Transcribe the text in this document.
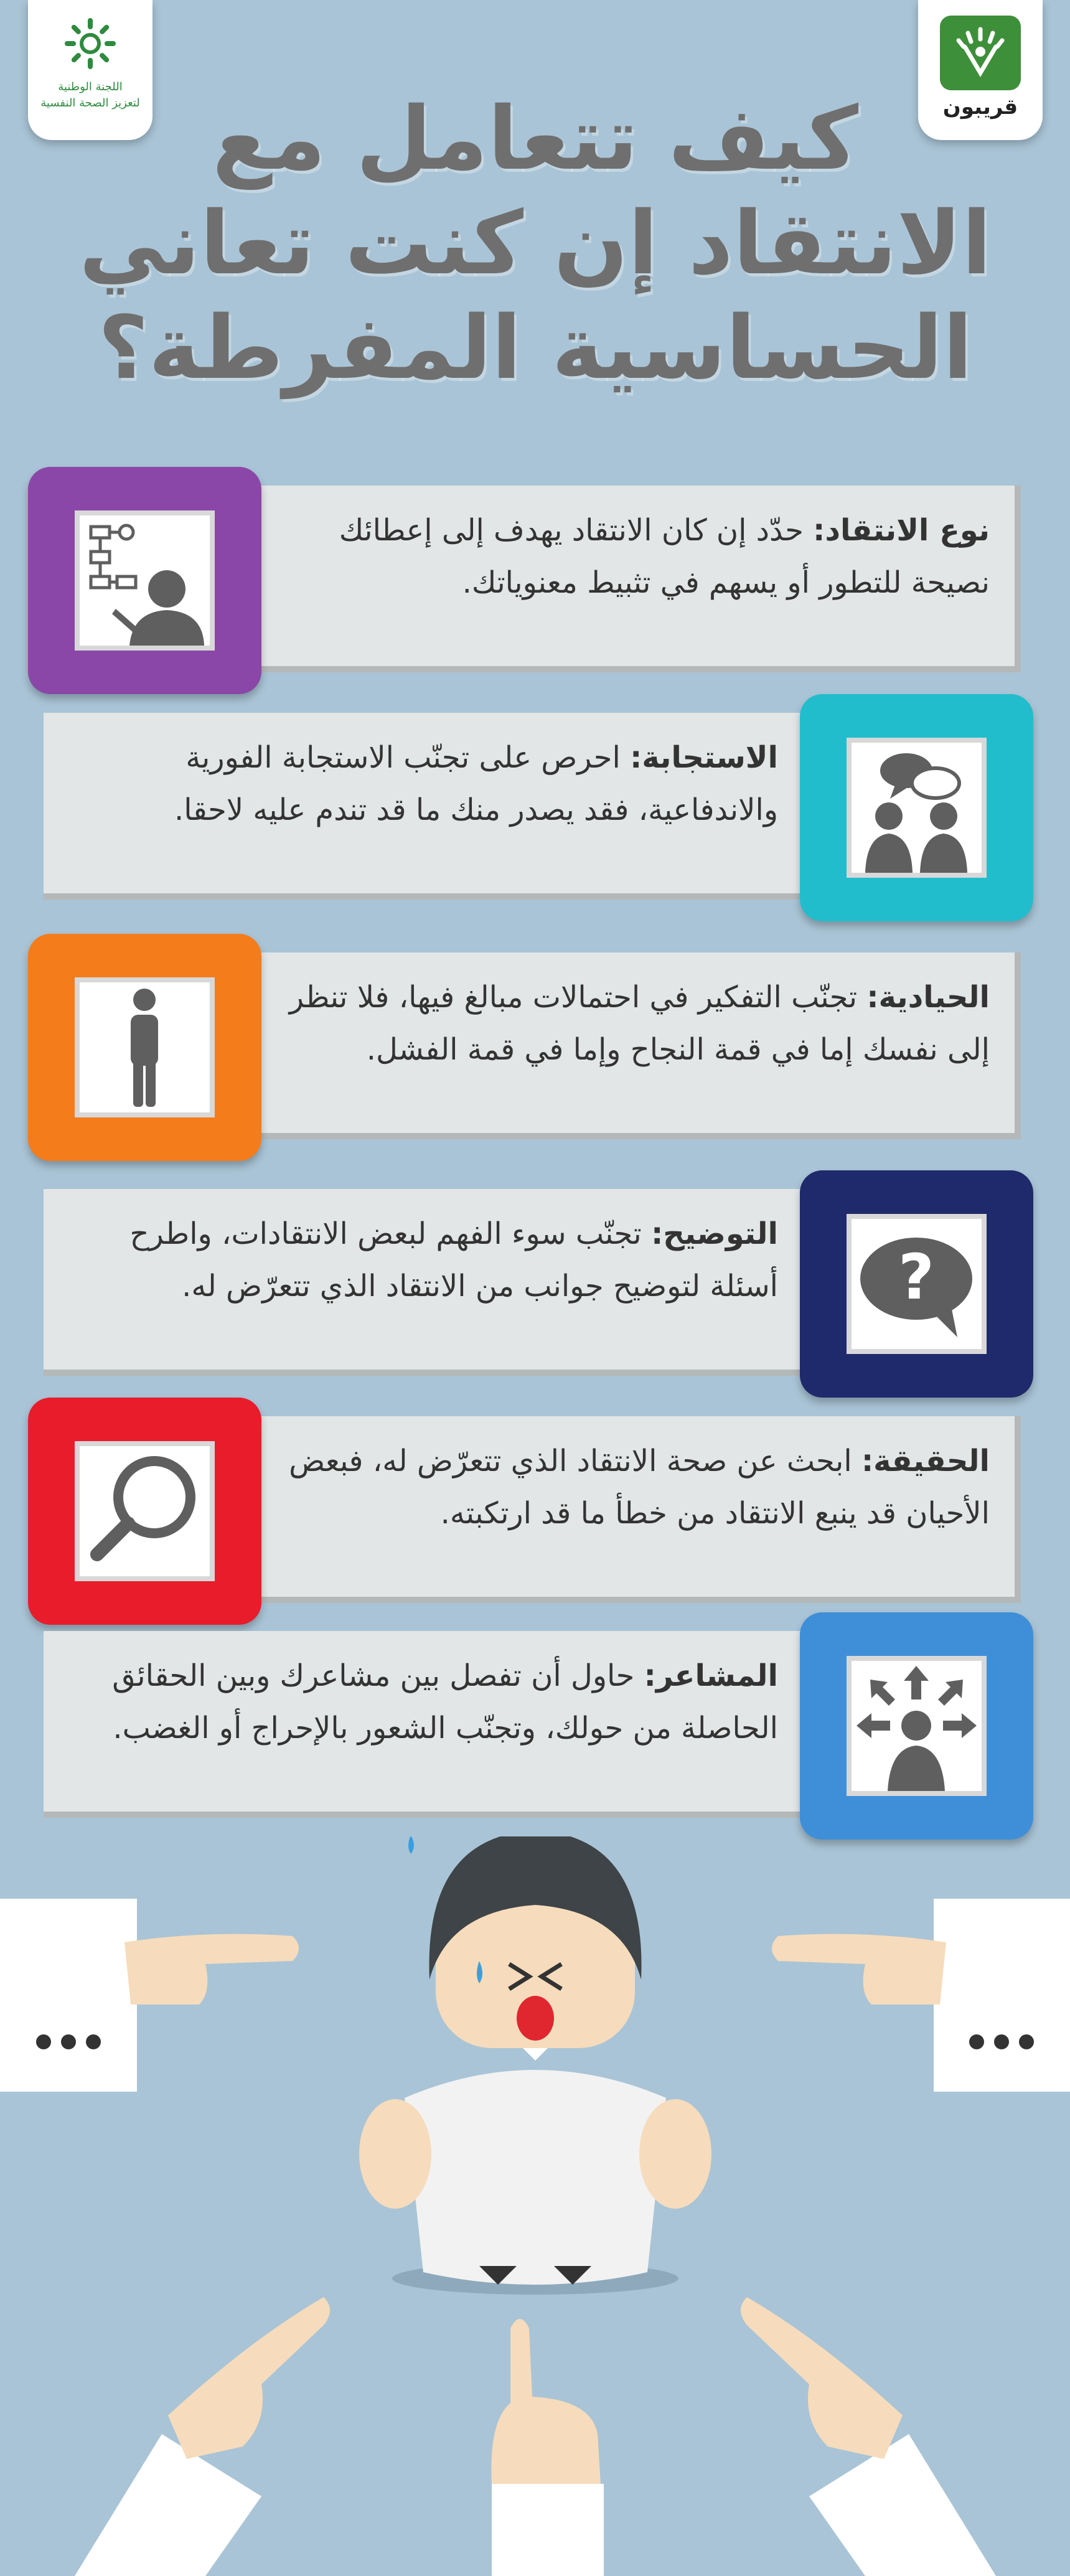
اللجنة الوطنية
لتعزيز الصحة النفسية	قريبون
كيف تتعامل مع
الانتقاد إن كنت تعاني
الحساسية المفرطة؟
نوع الانتقاد: حدّد إن كان الانتقاد يهدف إلى إعطائك نصيحة للتطور أو يسهم في تثبيط معنوياتك.
الاستجابة: احرص على تجنّب الاستجابة الفورية والاندفاعية، فقد يصدر منك ما قد تندم عليه لاحقا.
الحيادية: تجنّب التفكير في احتمالات مبالغ فيها، فلا تنظر إلى نفسك إما في قمة النجاح وإما في قمة الفشل.
التوضيح: تجنّب سوء الفهم لبعض الانتقادات، واطرح أسئلة لتوضيح جوانب من الانتقاد الذي تتعرّض له.	?
الحقيقة: ابحث عن صحة الانتقاد الذي تتعرّض له، فبعض الأحيان قد ينبع الانتقاد من خطأ ما قد ارتكبته.
المشاعر: حاول أن تفصل بين مشاعرك وبين الحقائق الحاصلة من حولك، وتجنّب الشعور بالإحراج أو الغضب.
